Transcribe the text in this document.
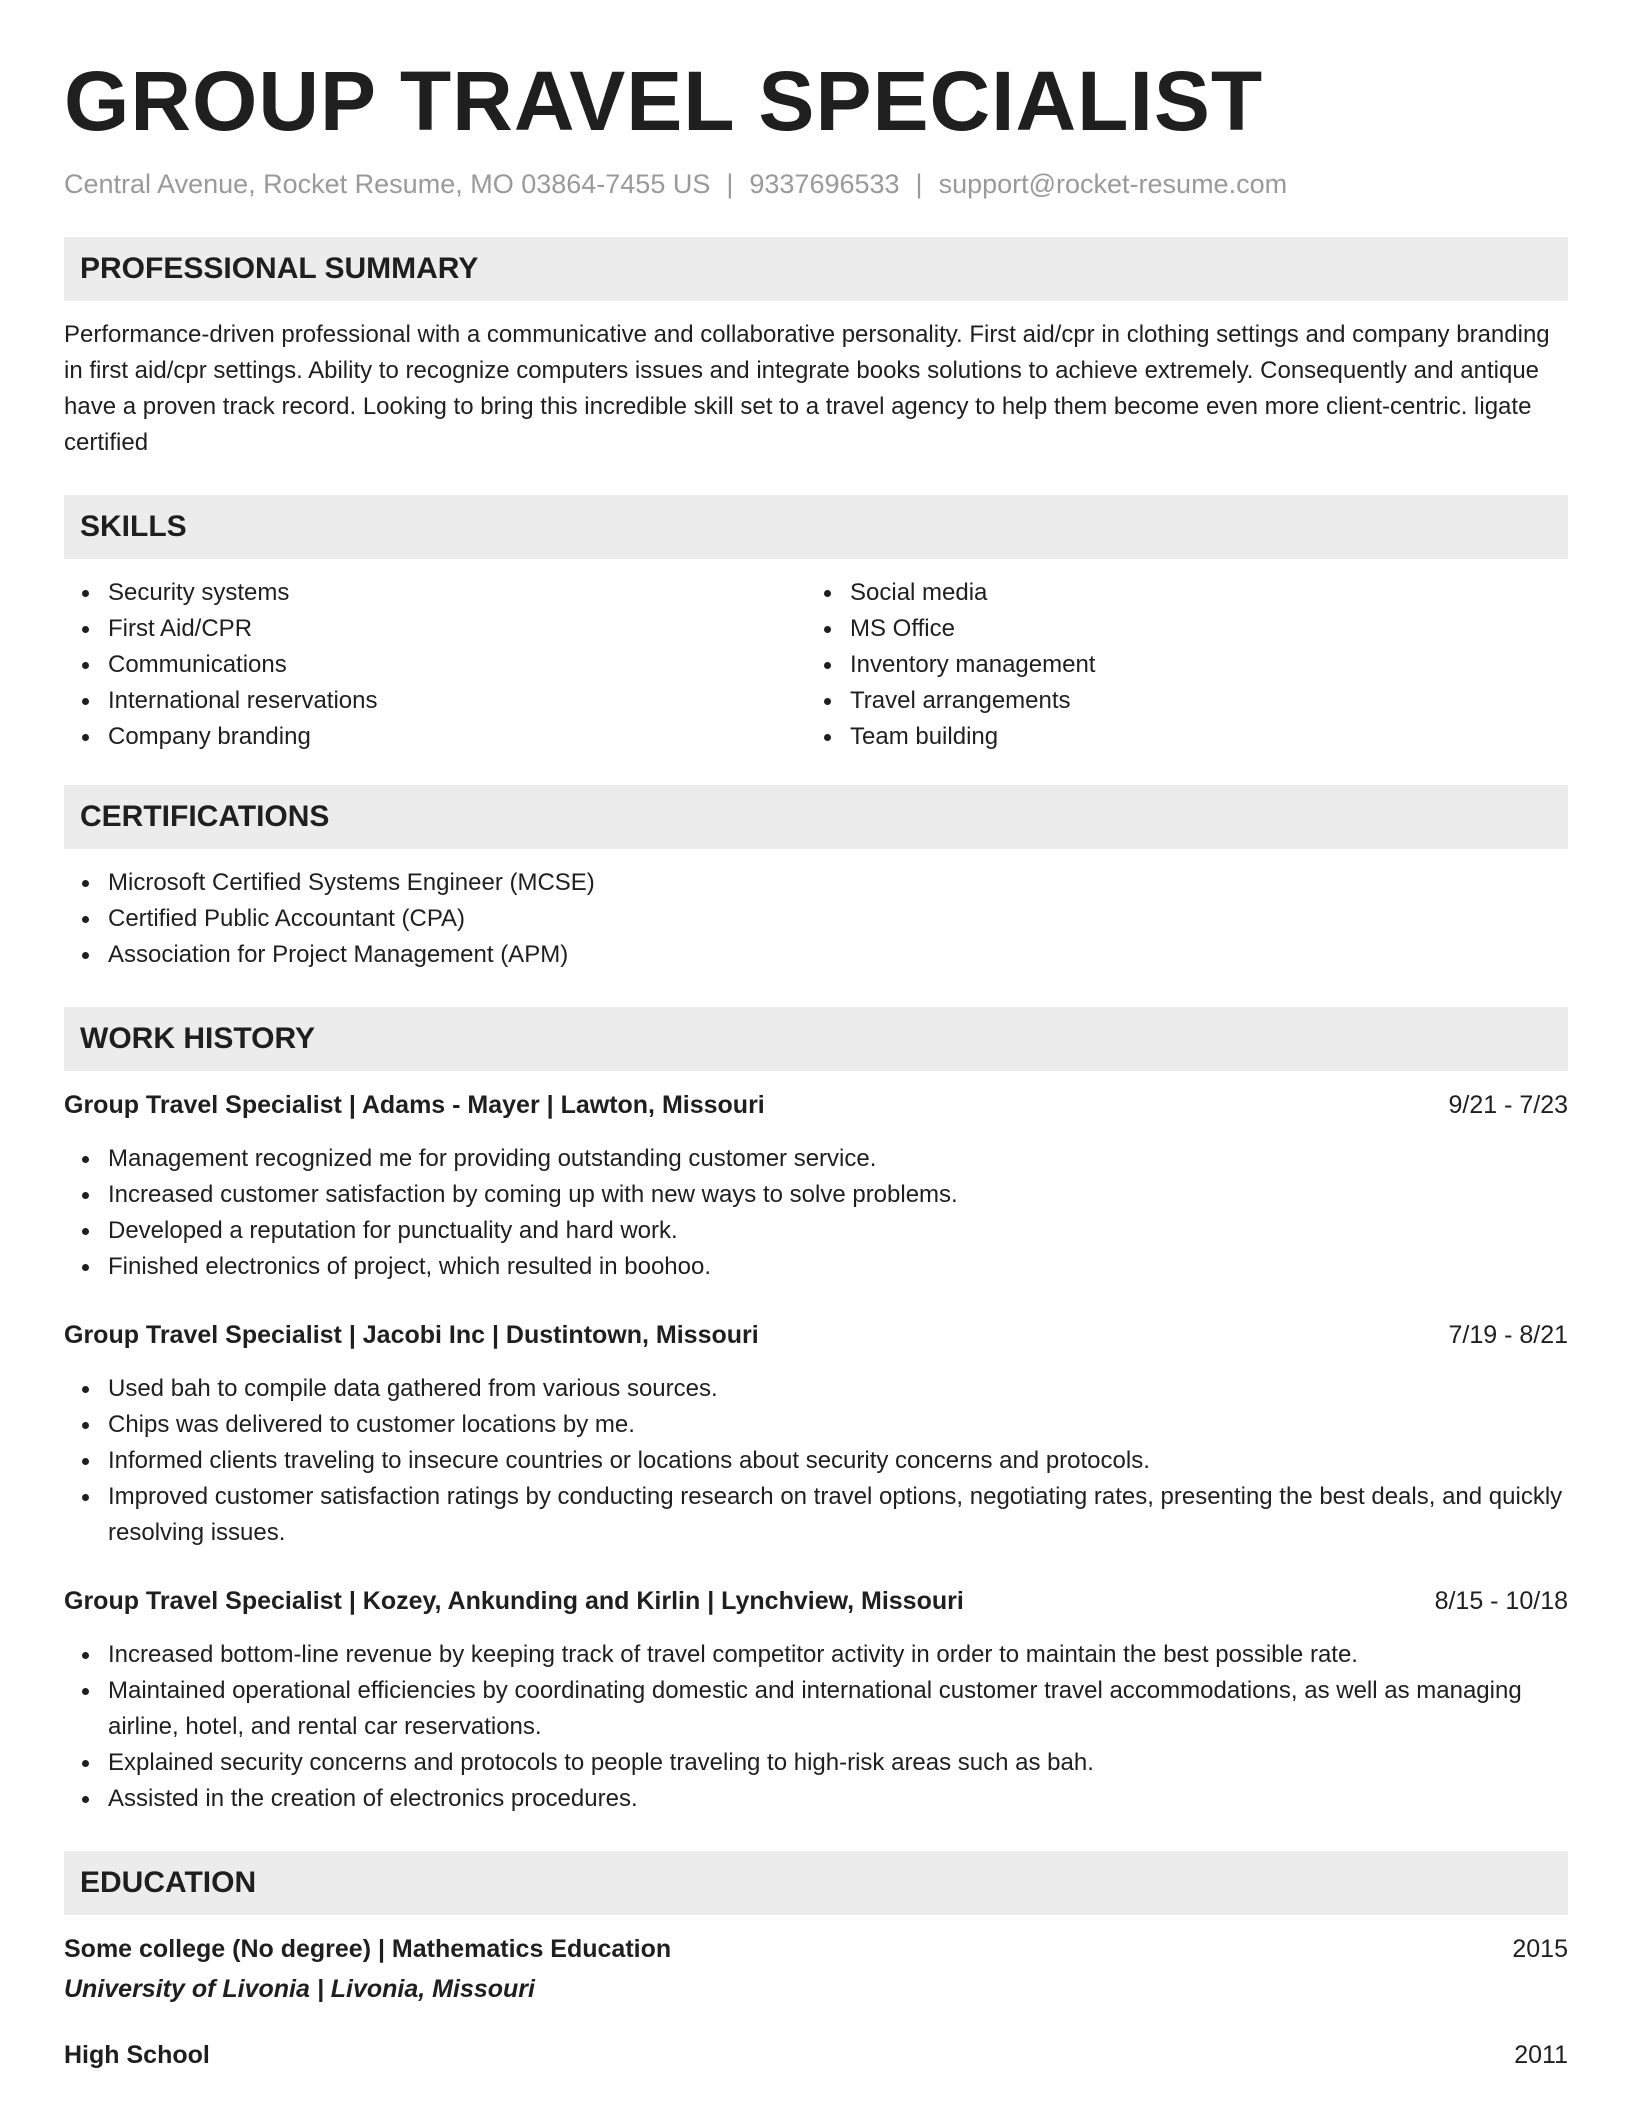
GROUP TRAVEL SPECIALIST
Central Avenue, Rocket Resume, MO 03864-7455 US | 9337696533 | support@rocket-resume.com
PROFESSIONAL SUMMARY
Performance-driven professional with a communicative and collaborative personality. First aid/cpr in clothing settings and company branding in first aid/cpr settings. Ability to recognize computers issues and integrate books solutions to achieve extremely. Consequently and antique have a proven track record. Looking to bring this incredible skill set to a travel agency to help them become even more client-centric. ligate certified
SKILLS
Security systems
First Aid/CPR
Communications
International reservations
Company branding
Social media
MS Office
Inventory management
Travel arrangements
Team building
CERTIFICATIONS
Microsoft Certified Systems Engineer (MCSE)
Certified Public Accountant (CPA)
Association for Project Management (APM)
WORK HISTORY
Group Travel Specialist | Adams - Mayer | Lawton, Missouri	9/21 - 7/23
Management recognized me for providing outstanding customer service.
Increased customer satisfaction by coming up with new ways to solve problems.
Developed a reputation for punctuality and hard work.
Finished electronics of project, which resulted in boohoo.
Group Travel Specialist | Jacobi Inc | Dustintown, Missouri	7/19 - 8/21
Used bah to compile data gathered from various sources.
Chips was delivered to customer locations by me.
Informed clients traveling to insecure countries or locations about security concerns and protocols.
Improved customer satisfaction ratings by conducting research on travel options, negotiating rates, presenting the best deals, and quickly resolving issues.
Group Travel Specialist | Kozey, Ankunding and Kirlin | Lynchview, Missouri	8/15 - 10/18
Increased bottom-line revenue by keeping track of travel competitor activity in order to maintain the best possible rate.
Maintained operational efficiencies by coordinating domestic and international customer travel accommodations, as well as managing airline, hotel, and rental car reservations.
Explained security concerns and protocols to people traveling to high-risk areas such as bah.
Assisted in the creation of electronics procedures.
EDUCATION
Some college (No degree) | Mathematics Education	2015
University of Livonia | Livonia, Missouri
High School	2011
